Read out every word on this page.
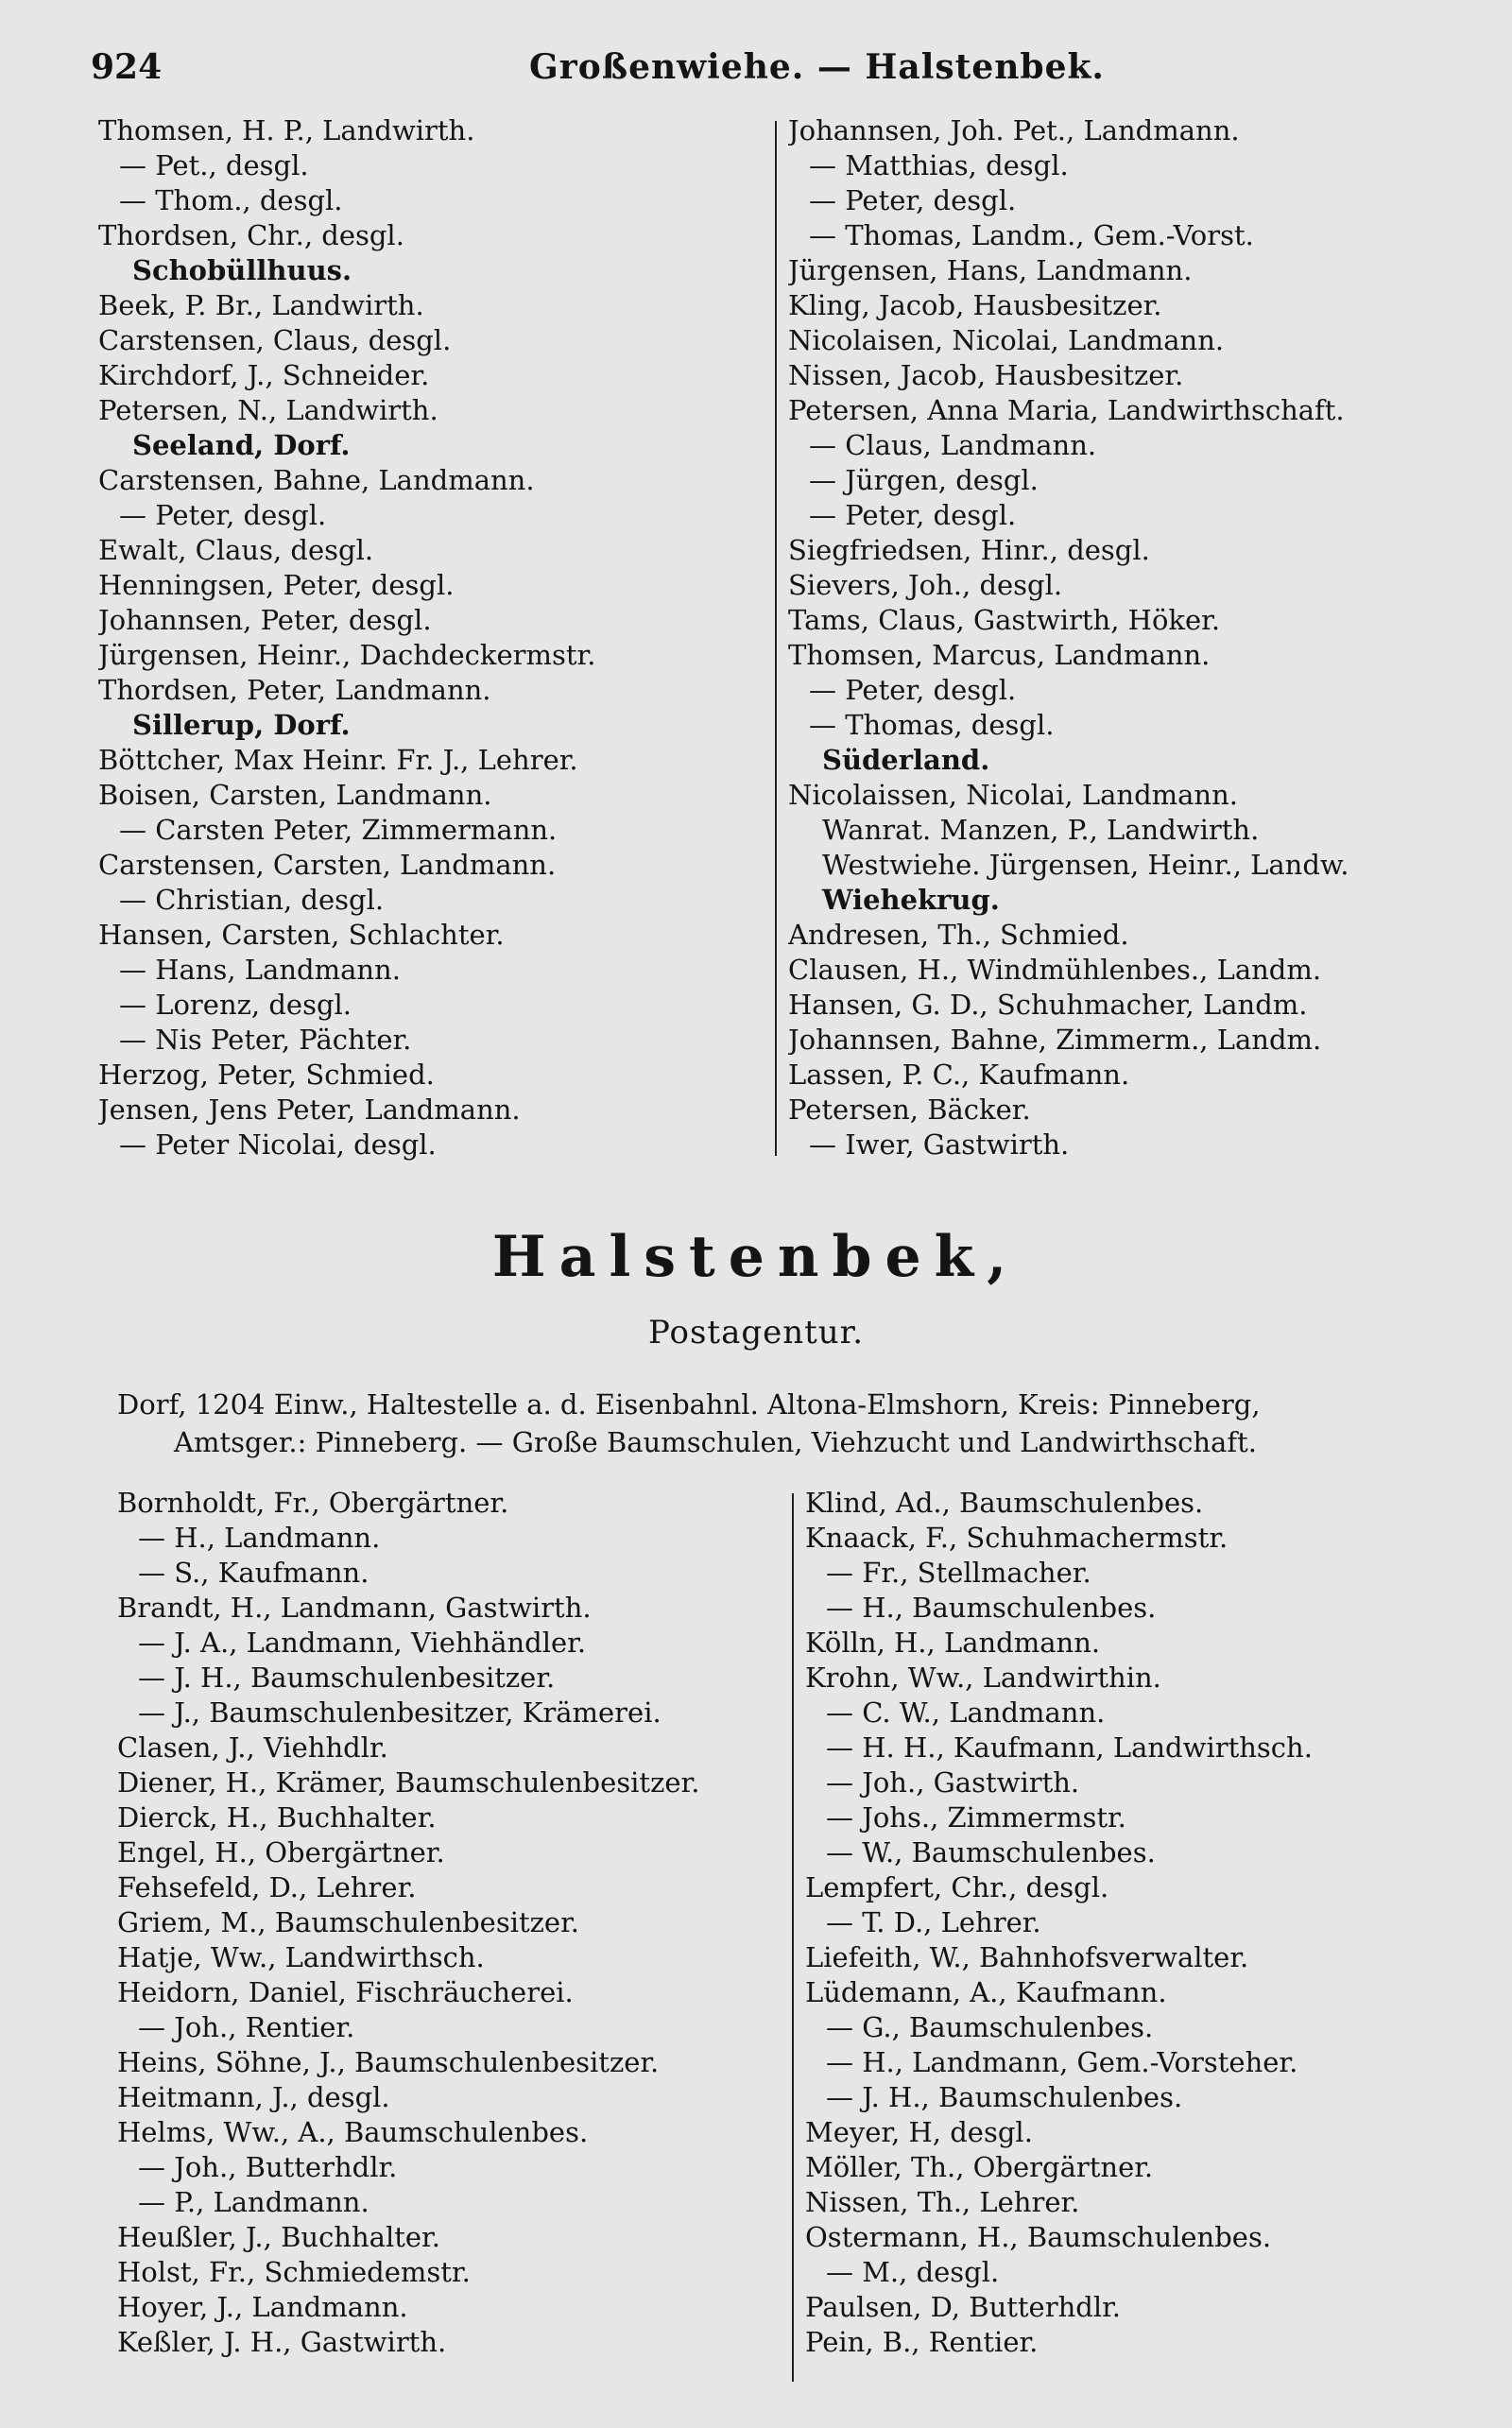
924	Großenwiehe. — Halstenbek.
Thomsen, H. P., Landwirth.
— Pet., desgl.
— Thom., desgl.
Thordsen, Chr., desgl.
Schobüllhuus.
Beek, P. Br., Landwirth.
Carstensen, Claus, desgl.
Kirchdorf, J., Schneider.
Petersen, N., Landwirth.
Seeland, Dorf.
Carstensen, Bahne, Landmann.
— Peter, desgl.
Ewalt, Claus, desgl.
Henningsen, Peter, desgl.
Johannsen, Peter, desgl.
Jürgensen, Heinr., Dachdeckermstr.
Thordsen, Peter, Landmann.
Sillerup, Dorf.
Böttcher, Max Heinr. Fr. J., Lehrer.
Boisen, Carsten, Landmann.
— Carsten Peter, Zimmermann.
Carstensen, Carsten, Landmann.
— Christian, desgl.
Hansen, Carsten, Schlachter.
— Hans, Landmann.
— Lorenz, desgl.
— Nis Peter, Pächter.
Herzog, Peter, Schmied.
Jensen, Jens Peter, Landmann.
— Peter Nicolai, desgl.
Johannsen, Joh. Pet., Landmann.
— Matthias, desgl.
— Peter, desgl.
— Thomas, Landm., Gem.-Vorst.
Jürgensen, Hans, Landmann.
Kling, Jacob, Hausbesitzer.
Nicolaisen, Nicolai, Landmann.
Nissen, Jacob, Hausbesitzer.
Petersen, Anna Maria, Landwirthschaft.
— Claus, Landmann.
— Jürgen, desgl.
— Peter, desgl.
Siegfriedsen, Hinr., desgl.
Sievers, Joh., desgl.
Tams, Claus, Gastwirth, Höker.
Thomsen, Marcus, Landmann.
— Peter, desgl.
— Thomas, desgl.
Süderland.
Nicolaissen, Nicolai, Landmann.
Wanrat. Manzen, P., Landwirth.
Westwiehe. Jürgensen, Heinr., Landw.
Wiehekrug.
Andresen, Th., Schmied.
Clausen, H., Windmühlenbes., Landm.
Hansen, G. D., Schuhmacher, Landm.
Johannsen, Bahne, Zimmerm., Landm.
Lassen, P. C., Kaufmann.
Petersen, Bäcker.
— Iwer, Gastwirth.
Halstenbek,
Postagentur.
Dorf, 1204 Einw., Haltestelle a. d. Eisenbahnl. Altona-Elmshorn, Kreis: Pinneberg,
Amtsger.: Pinneberg. — Große Baumschulen, Viehzucht und Landwirthschaft.
Bornholdt, Fr., Obergärtner.
— H., Landmann.
— S., Kaufmann.
Brandt, H., Landmann, Gastwirth.
— J. A., Landmann, Viehhändler.
— J. H., Baumschulenbesitzer.
— J., Baumschulenbesitzer, Krämerei.
Clasen, J., Viehhdlr.
Diener, H., Krämer, Baumschulenbesitzer.
Dierck, H., Buchhalter.
Engel, H., Obergärtner.
Fehsefeld, D., Lehrer.
Griem, M., Baumschulenbesitzer.
Hatje, Ww., Landwirthsch.
Heidorn, Daniel, Fischräucherei.
— Joh., Rentier.
Heins, Söhne, J., Baumschulenbesitzer.
Heitmann, J., desgl.
Helms, Ww., A., Baumschulenbes.
— Joh., Butterhdlr.
— P., Landmann.
Heußler, J., Buchhalter.
Holst, Fr., Schmiedemstr.
Hoyer, J., Landmann.
Keßler, J. H., Gastwirth.
Klind, Ad., Baumschulenbes.
Knaack, F., Schuhmachermstr.
— Fr., Stellmacher.
— H., Baumschulenbes.
Kölln, H., Landmann.
Krohn, Ww., Landwirthin.
— C. W., Landmann.
— H. H., Kaufmann, Landwirthsch.
— Joh., Gastwirth.
— Johs., Zimmermstr.
— W., Baumschulenbes.
Lempfert, Chr., desgl.
— T. D., Lehrer.
Liefeith, W., Bahnhofsverwalter.
Lüdemann, A., Kaufmann.
— G., Baumschulenbes.
— H., Landmann, Gem.-Vorsteher.
— J. H., Baumschulenbes.
Meyer, H, desgl.
Möller, Th., Obergärtner.
Nissen, Th., Lehrer.
Ostermann, H., Baumschulenbes.
— M., desgl.
Paulsen, D, Butterhdlr.
Pein, B., Rentier.
